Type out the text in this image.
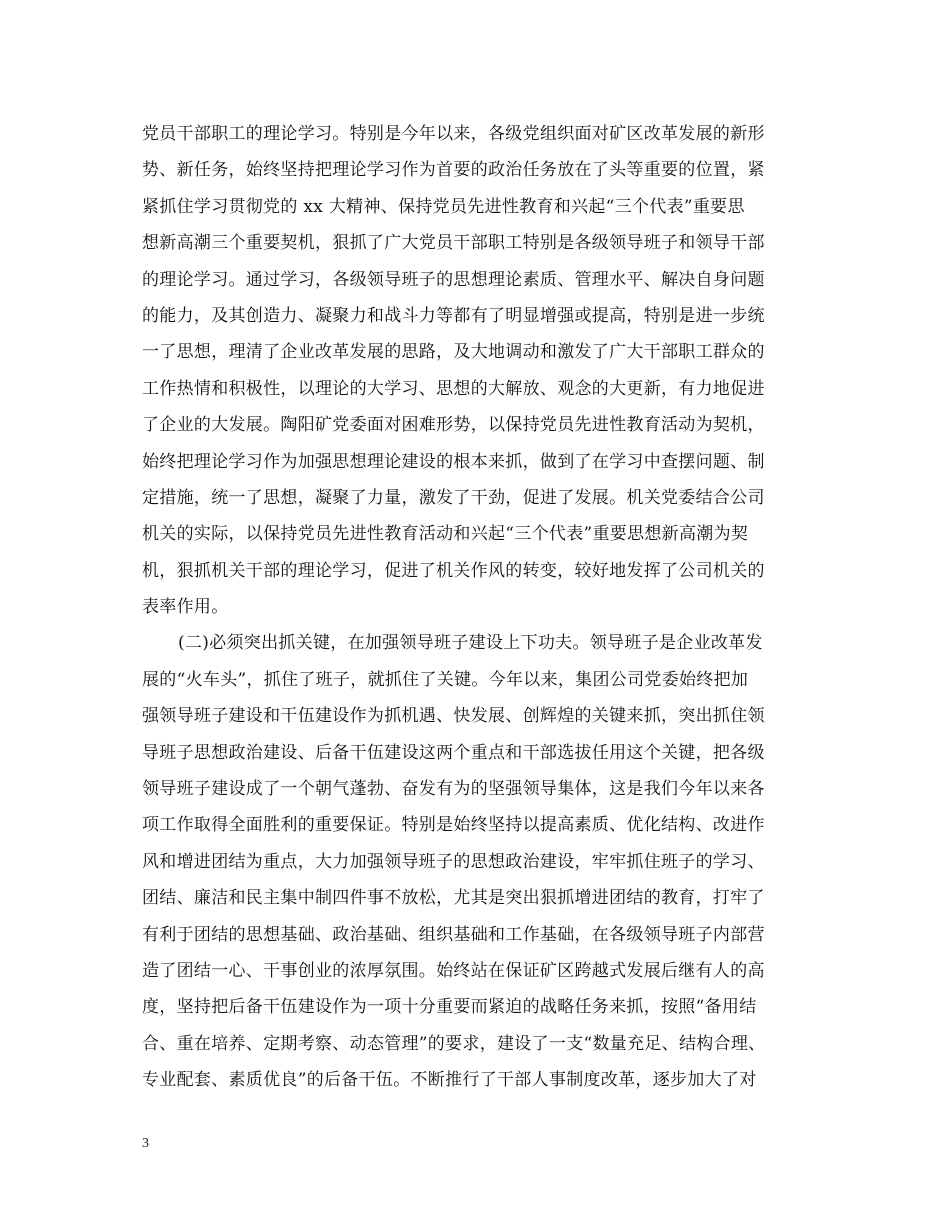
党员干部职工的理论学习。特别是今年以来，各级党组织面对矿区改革发展的新形
势、新任务，始终坚持把理论学习作为首要的政治任务放在了头等重要的位置，紧
紧抓住学习贯彻党的 xx 大精神、保持党员先进性教育和兴起“三个代表”重要思
想新高潮三个重要契机，狠抓了广大党员干部职工特别是各级领导班子和领导干部
的理论学习。通过学习，各级领导班子的思想理论素质、管理水平、解决自身问题
的能力，及其创造力、凝聚力和战斗力等都有了明显增强或提高，特别是进一步统
一了思想，理清了企业改革发展的思路，及大地调动和激发了广大干部职工群众的
工作热情和积极性，以理论的大学习、思想的大解放、观念的大更新，有力地促进
了企业的大发展。陶阳矿党委面对困难形势，以保持党员先进性教育活动为契机，
始终把理论学习作为加强思想理论建设的根本来抓，做到了在学习中查摆问题、制
定措施，统一了思想，凝聚了力量，激发了干劲，促进了发展。机关党委结合公司
机关的实际，以保持党员先进性教育活动和兴起“三个代表”重要思想新高潮为契
机，狠抓机关干部的理论学习，促进了机关作风的转变，较好地发挥了公司机关的
表率作用。
(二)必须突出抓关键，在加强领导班子建设上下功夫。领导班子是企业改革发
展的“火车头”，抓住了班子，就抓住了关键。今年以来，集团公司党委始终把加
强领导班子建设和干伍建设作为抓机遇、快发展、创辉煌的关键来抓，突出抓住领
导班子思想政治建设、后备干伍建设这两个重点和干部选拔任用这个关键，把各级
领导班子建设成了一个朝气蓬勃、奋发有为的坚强领导集体，这是我们今年以来各
项工作取得全面胜利的重要保证。特别是始终坚持以提高素质、优化结构、改进作
风和增进团结为重点，大力加强领导班子的思想政治建设，牢牢抓住班子的学习、
团结、廉洁和民主集中制四件事不放松，尤其是突出狠抓增进团结的教育，打牢了
有利于团结的思想基础、政治基础、组织基础和工作基础，在各级领导班子内部营
造了团结一心、干事创业的浓厚氛围。始终站在保证矿区跨越式发展后继有人的高
度，坚持把后备干伍建设作为一项十分重要而紧迫的战略任务来抓，按照“备用结
合、重在培养、定期考察、动态管理”的要求，建设了一支“数量充足、结构合理、
专业配套、素质优良”的后备干伍。不断推行了干部人事制度改革，逐步加大了对
3
